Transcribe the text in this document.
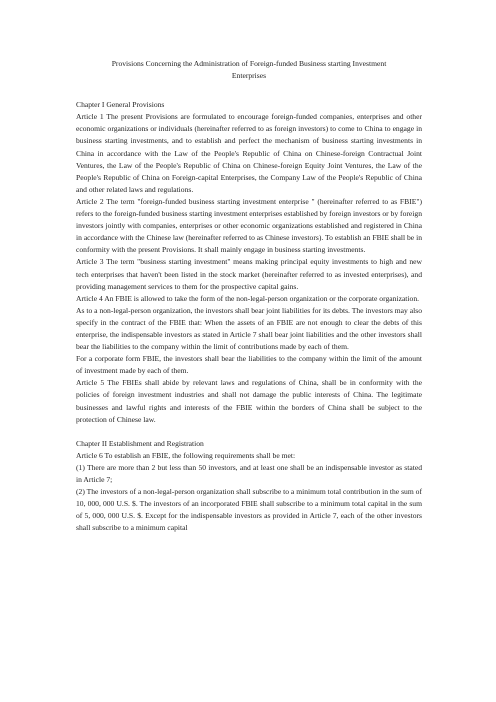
Provisions Concerning the Administration of Foreign-funded Business starting Investment
Enterprises
Chapter I General Provisions

Article 1 The present Provisions are formulated to encourage foreign-funded companies, enterprises and other economic organizations or individuals (hereinafter referred to as foreign investors) to come to China to engage in business starting investments, and to establish and perfect the mechanism of business starting investments in China in accordance with the Law of the People's Republic of China on Chinese-foreign Contractual Joint Ventures, the Law of the People's Republic of China on Chinese-foreign Equity Joint Ventures, the Law of the People's Republic of China on Foreign-capital Enterprises, the Company Law of the People's Republic of China and other related laws and regulations.

Article 2 The term "foreign-funded business starting investment enterprise " (hereinafter referred to as FBIE") refers to the foreign-funded business starting investment enterprises established by foreign investors or by foreign investors jointly with companies, enterprises or other economic organizations established and registered in China in accordance with the Chinese law (hereinafter referred to as Chinese investors). To establish an FBIE shall be in conformity with the present Provisions. It shall mainly engage in business starting investments.

Article 3 The term "business starting investment" means making principal equity investments to high and new tech enterprises that haven't been listed in the stock market (hereinafter referred to as invested enterprises), and providing management services to them for the prospective capital gains.

Article 4 An FBIE is allowed to take the form of the non-legal-person organization or the corporate organization.

As to a non-legal-person organization, the investors shall bear joint liabilities for its debts. The investors may also specify in the contract of the FBIE that: When the assets of an FBIE are not enough to clear the debts of this enterprise, the indispensable investors as stated in Article 7 shall bear joint liabilities and the other investors shall bear the liabilities to the company within the limit of contributions made by each of them.

For a corporate form FBIE, the investors shall bear the liabilities to the company within the limit of the amount of investment made by each of them.

Article 5 The FBIEs shall abide by relevant laws and regulations of China, shall be in conformity with the policies of foreign investment industries and shall not damage the public interests of China. The legitimate businesses and lawful rights and interests of the FBIE within the borders of China shall be subject to the protection of Chinese law.

Chapter II Establishment and Registration

Article 6 To establish an FBIE, the following requirements shall be met:

(1) There are more than 2 but less than 50 investors, and at least one shall be an indispensable investor as stated in Article 7;

(2) The investors of a non-legal-person organization shall subscribe to a minimum total contribution in the sum of 10, 000, 000 U.S. $. The investors of an incorporated FBIE shall subscribe to a minimum total capital in the sum of 5, 000, 000 U.S. $. Except for the indispensable investors as provided in Article 7, each of the other investors shall subscribe to a minimum capital
